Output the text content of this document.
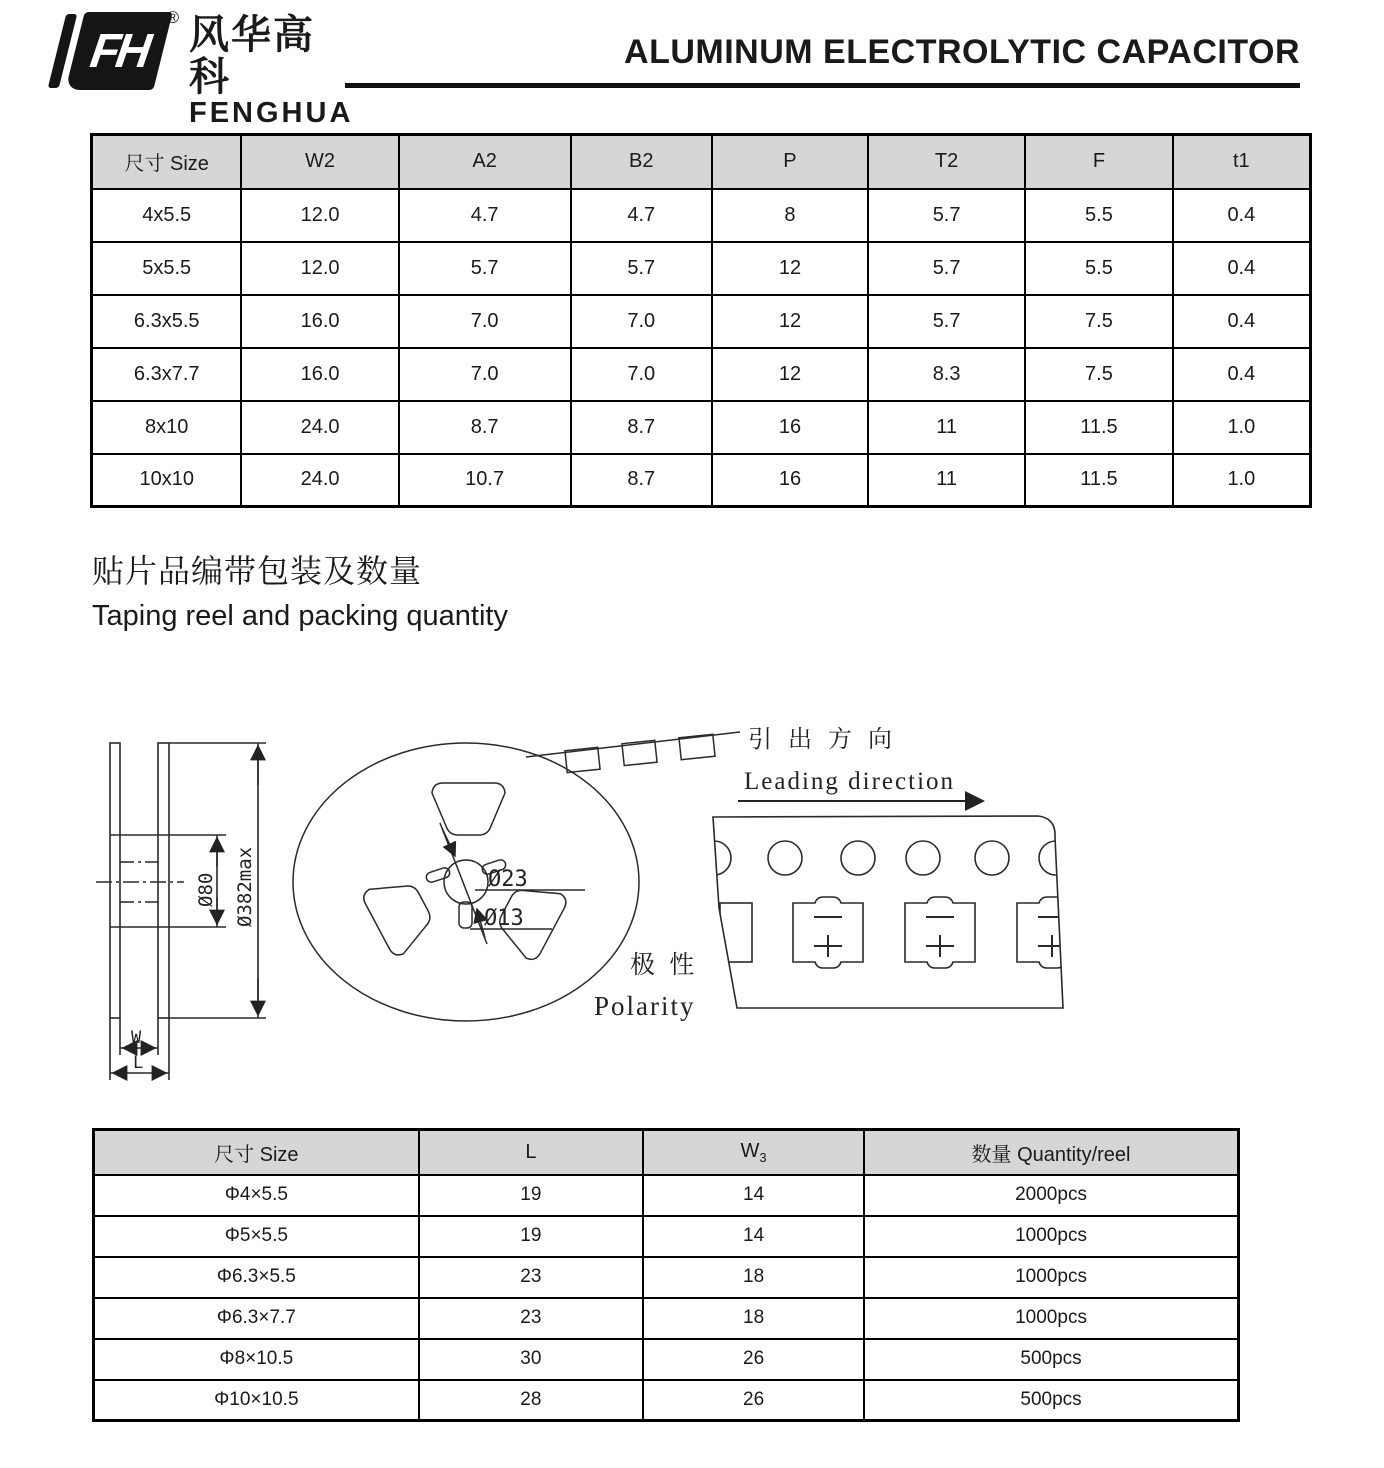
FH
® 风华高科
FENGHUA
ALUMINUM ELECTROLYTIC CAPACITOR
尺寸 Size	W2	A2	B2	P	T2	F	t1
4x5.5	12.0	4.7	4.7	8	5.7	5.5	0.4
5x5.5	12.0	5.7	5.7	12	5.7	5.5	0.4
6.3x5.5	16.0	7.0	7.0	12	5.7	7.5	0.4
6.3x7.7	16.0	7.0	7.0	12	8.3	7.5	0.4
8x10	24.0	8.7	8.7	16	11	11.5	1.0
10x10	24.0	10.7	8.7	16	11	11.5	1.0
贴片品编带包装及数量
Taping reel and packing quantity
Ø80 Ø382max
W
L
Ø23
Ø13
极 性
Polarity
引 出 方 向
Leading direction
尺寸 Size	L	$W_3$	数量 Quantity/reel
Φ4×5.5	19	14	2000pcs
Φ5×5.5	19	14	1000pcs
Φ6.3×5.5	23	18	1000pcs
Φ6.3×7.7	23	18	1000pcs
Φ8×10.5	30	26	500pcs
Φ10×10.5	28	26	500pcs
